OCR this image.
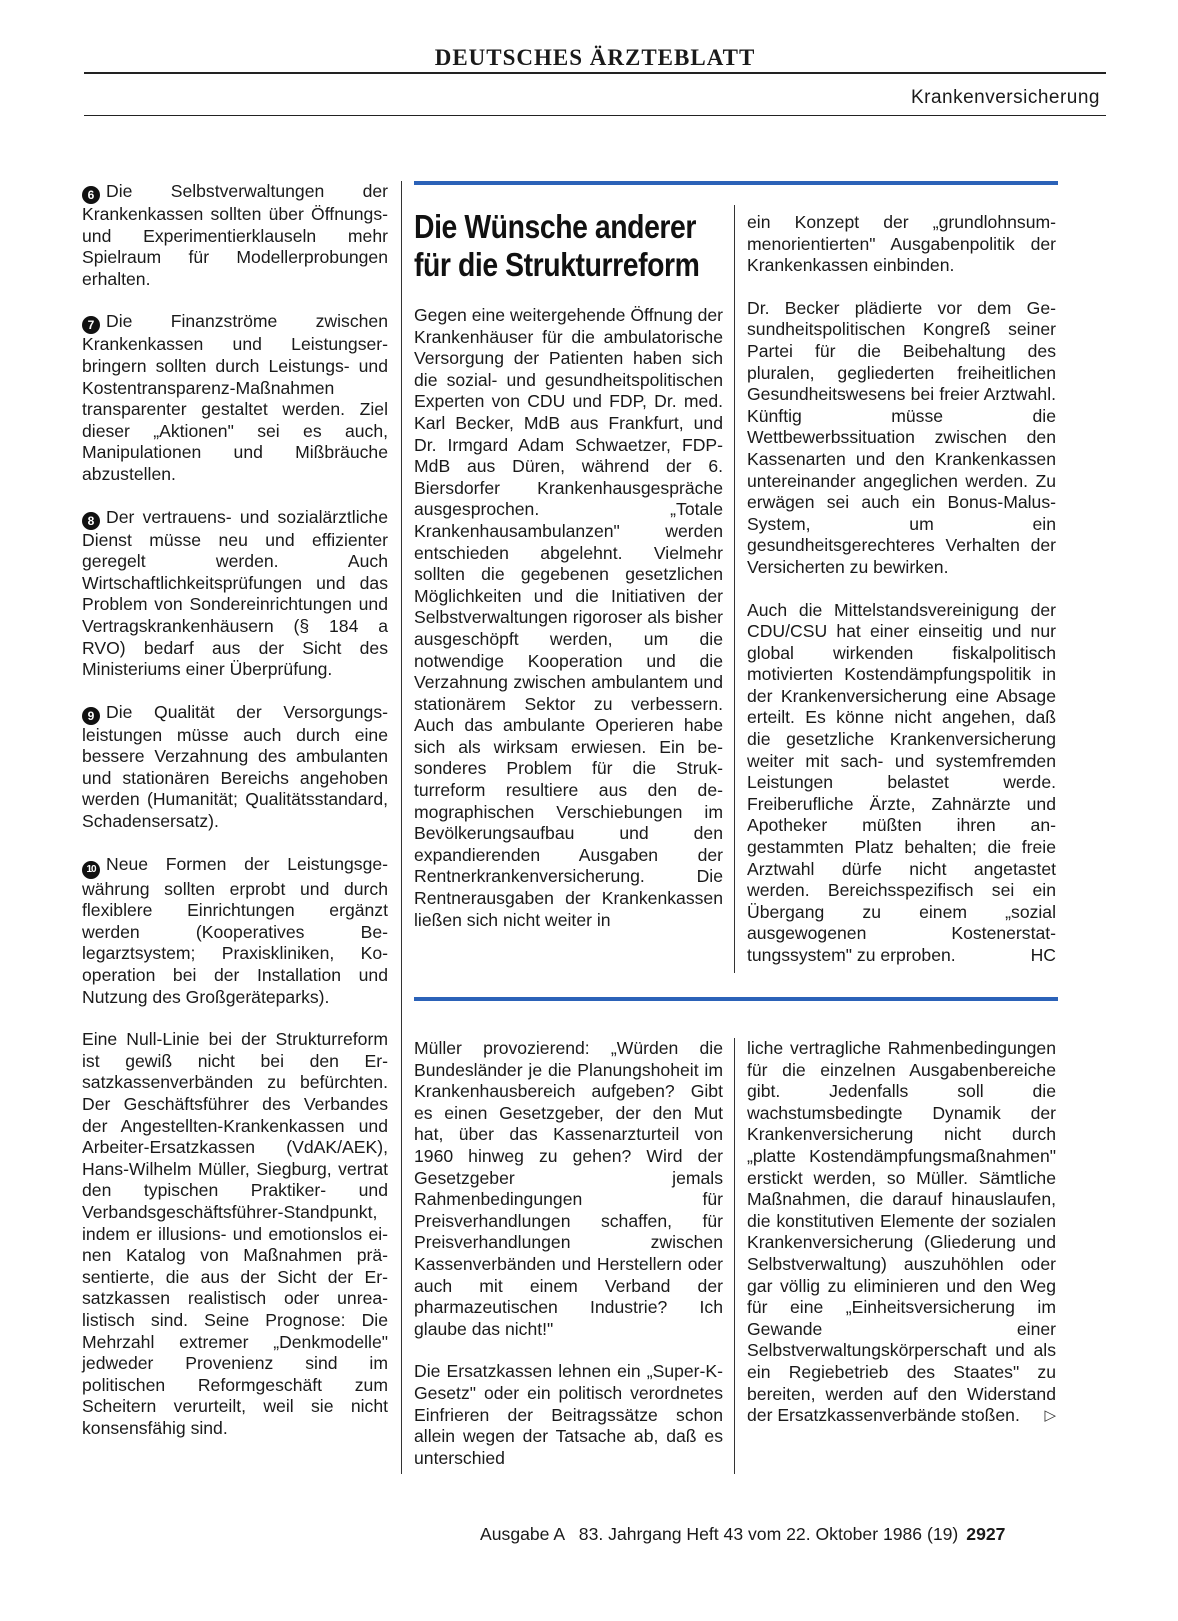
DEUTSCHES ÄRZTEBLATT
Krankenversicherung

6 Die Selbstverwaltungen der Krankenkassen sollten über Öffnungs- und Experimentierklauseln mehr Spielraum für Modellerprobungen erhalten.

7 Die Finanzströme zwischen Krankenkassen und Leistungserbringern sollten durch Leistungs- und Kostentransparenz-Maßnahmen transparenter gestaltet werden. Ziel dieser „Aktionen" sei es auch, Manipulationen und Mißbräuche abzustellen.

8 Der vertrauens- und sozialärztliche Dienst müsse neu und effizienter geregelt werden. Auch Wirtschaftlichkeitsprüfungen und das Problem von Sondereinrichtungen und Vertragskrankenhäusern (§ 184 a RVO) bedarf aus der Sicht des Ministeriums einer Überprüfung.

9 Die Qualität der Versorgungsleistungen müsse auch durch eine bessere Verzahnung des ambulanten und stationären Bereichs angehoben werden (Humanität; Qualitätsstandard, Schadensersatz).

10 Neue Formen der Leistungsgewährung sollten erprobt und durch flexiblere Einrichtungen ergänzt werden (Kooperatives Belegarztsystem; Praxiskliniken, Kooperation bei der Installation und Nutzung des Großgeräteparks).

Eine Null-Linie bei der Strukturreform ist gewiß nicht bei den Ersatzkassenverbänden zu befürchten. Der Geschäftsführer des Verbandes der Angestellten-Krankenkassen und Arbeiter-Ersatzkassen (VdAK/AEK), Hans-Wilhelm Müller, Siegburg, vertrat den typischen Praktiker- und Verbandsgeschäftsführer-Standpunkt, indem er illusions- und emotionslos einen Katalog von Maßnahmen präsentierte, die aus der Sicht der Ersatzkassen realistisch oder unrealistisch sind. Seine Prognose: Die Mehrzahl extremer „Denkmodelle" jedweder Provenienz sind im politischen Reformgeschäft zum Scheitern verurteilt, weil sie nicht konsensfähig sind.

Die Wünsche anderer
für die Strukturreform

Gegen eine weitergehende Öffnung der Krankenhäuser für die ambulatorische Versorgung der Patienten haben sich die sozial- und gesundheitspolitischen Experten von CDU und FDP, Dr. med. Karl Becker, MdB aus Frankfurt, und Dr. Irmgard Adam Schwaetzer, FDP-MdB aus Düren, während der 6. Biersdorfer Krankenhausgespräche ausgesprochen. „Totale Krankenhausambulanzen" werden entschieden abgelehnt. Vielmehr sollten die gegebenen gesetzlichen Möglichkeiten und die Initiativen der Selbstverwaltungen rigoroser als bisher ausgeschöpft werden, um die notwendige Kooperation und die Verzahnung zwischen ambulantem und stationärem Sektor zu verbessern. Auch das ambulante Operieren habe sich als wirksam erwiesen. Ein besonderes Problem für die Strukturreform resultiere aus den demographischen Verschiebungen im Bevölkerungsaufbau und den expandierenden Ausgaben der Rentnerkrankenversicherung. Die Rentnerausgaben der Krankenkassen ließen sich nicht weiter in

ein Konzept der „grundlohnsummenorientierten" Ausgabenpolitik der Krankenkassen einbinden.

Dr. Becker plädierte vor dem Gesundheitspolitischen Kongreß seiner Partei für die Beibehaltung des pluralen, gegliederten freiheitlichen Gesundheitswesens bei freier Arztwahl. Künftig müsse die Wettbewerbssituation zwischen den Kassenarten und den Krankenkassen untereinander angeglichen werden. Zu erwägen sei auch ein Bonus-Malus-System, um ein gesundheitsgerechteres Verhalten der Versicherten zu bewirken.

Auch die Mittelstandsvereinigung der CDU/CSU hat einer einseitig und nur global wirkenden fiskalpolitisch motivierten Kostendämpfungspolitik in der Krankenversicherung eine Absage erteilt. Es könne nicht angehen, daß die gesetzliche Krankenversicherung weiter mit sach- und systemfremden Leistungen belastet werde. Freiberufliche Ärzte, Zahnärzte und Apotheker müßten ihren angestammten Platz behalten; die freie Arztwahl dürfe nicht angetastet werden. Bereichsspezifisch sei ein Übergang zu einem „sozial ausgewogenen Kostenerstattungssystem" zu erproben.	HC

Müller provozierend: „Würden die Bundesländer je die Planungshoheit im Krankenhausbereich aufgeben? Gibt es einen Gesetzgeber, der den Mut hat, über das Kassenarzturteil von 1960 hinweg zu gehen? Wird der Gesetzgeber jemals Rahmenbedingungen für Preisverhandlungen schaffen, für Preisverhandlungen zwischen Kassenverbänden und Herstellern oder auch mit einem Verband der pharmazeutischen Industrie? Ich glaube das nicht!"

Die Ersatzkassen lehnen ein „Super-K-Gesetz" oder ein politisch verordnetes Einfrieren der Beitragssätze schon allein wegen der Tatsache ab, daß es unterschied

liche vertragliche Rahmenbedingungen für die einzelnen Ausgabenbereiche gibt. Jedenfalls soll die wachstumsbedingte Dynamik der Krankenversicherung nicht durch „platte Kostendämpfungsmaßnahmen" erstickt werden, so Müller. Sämtliche Maßnahmen, die darauf hinauslaufen, die konstitutiven Elemente der sozialen Krankenversicherung (Gliederung und Selbstverwaltung) auszuhöhlen oder gar völlig zu eliminieren und den Weg für eine „Einheitsversicherung im Gewande einer Selbstverwaltungskörperschaft und als ein Regiebetrieb des Staates" zu bereiten, werden auf den Widerstand der Ersatzkassenverbände stoßen. ▷

Ausgabe A   83. Jahrgang Heft 43 vom 22. Oktober 1986 (19) 2927
